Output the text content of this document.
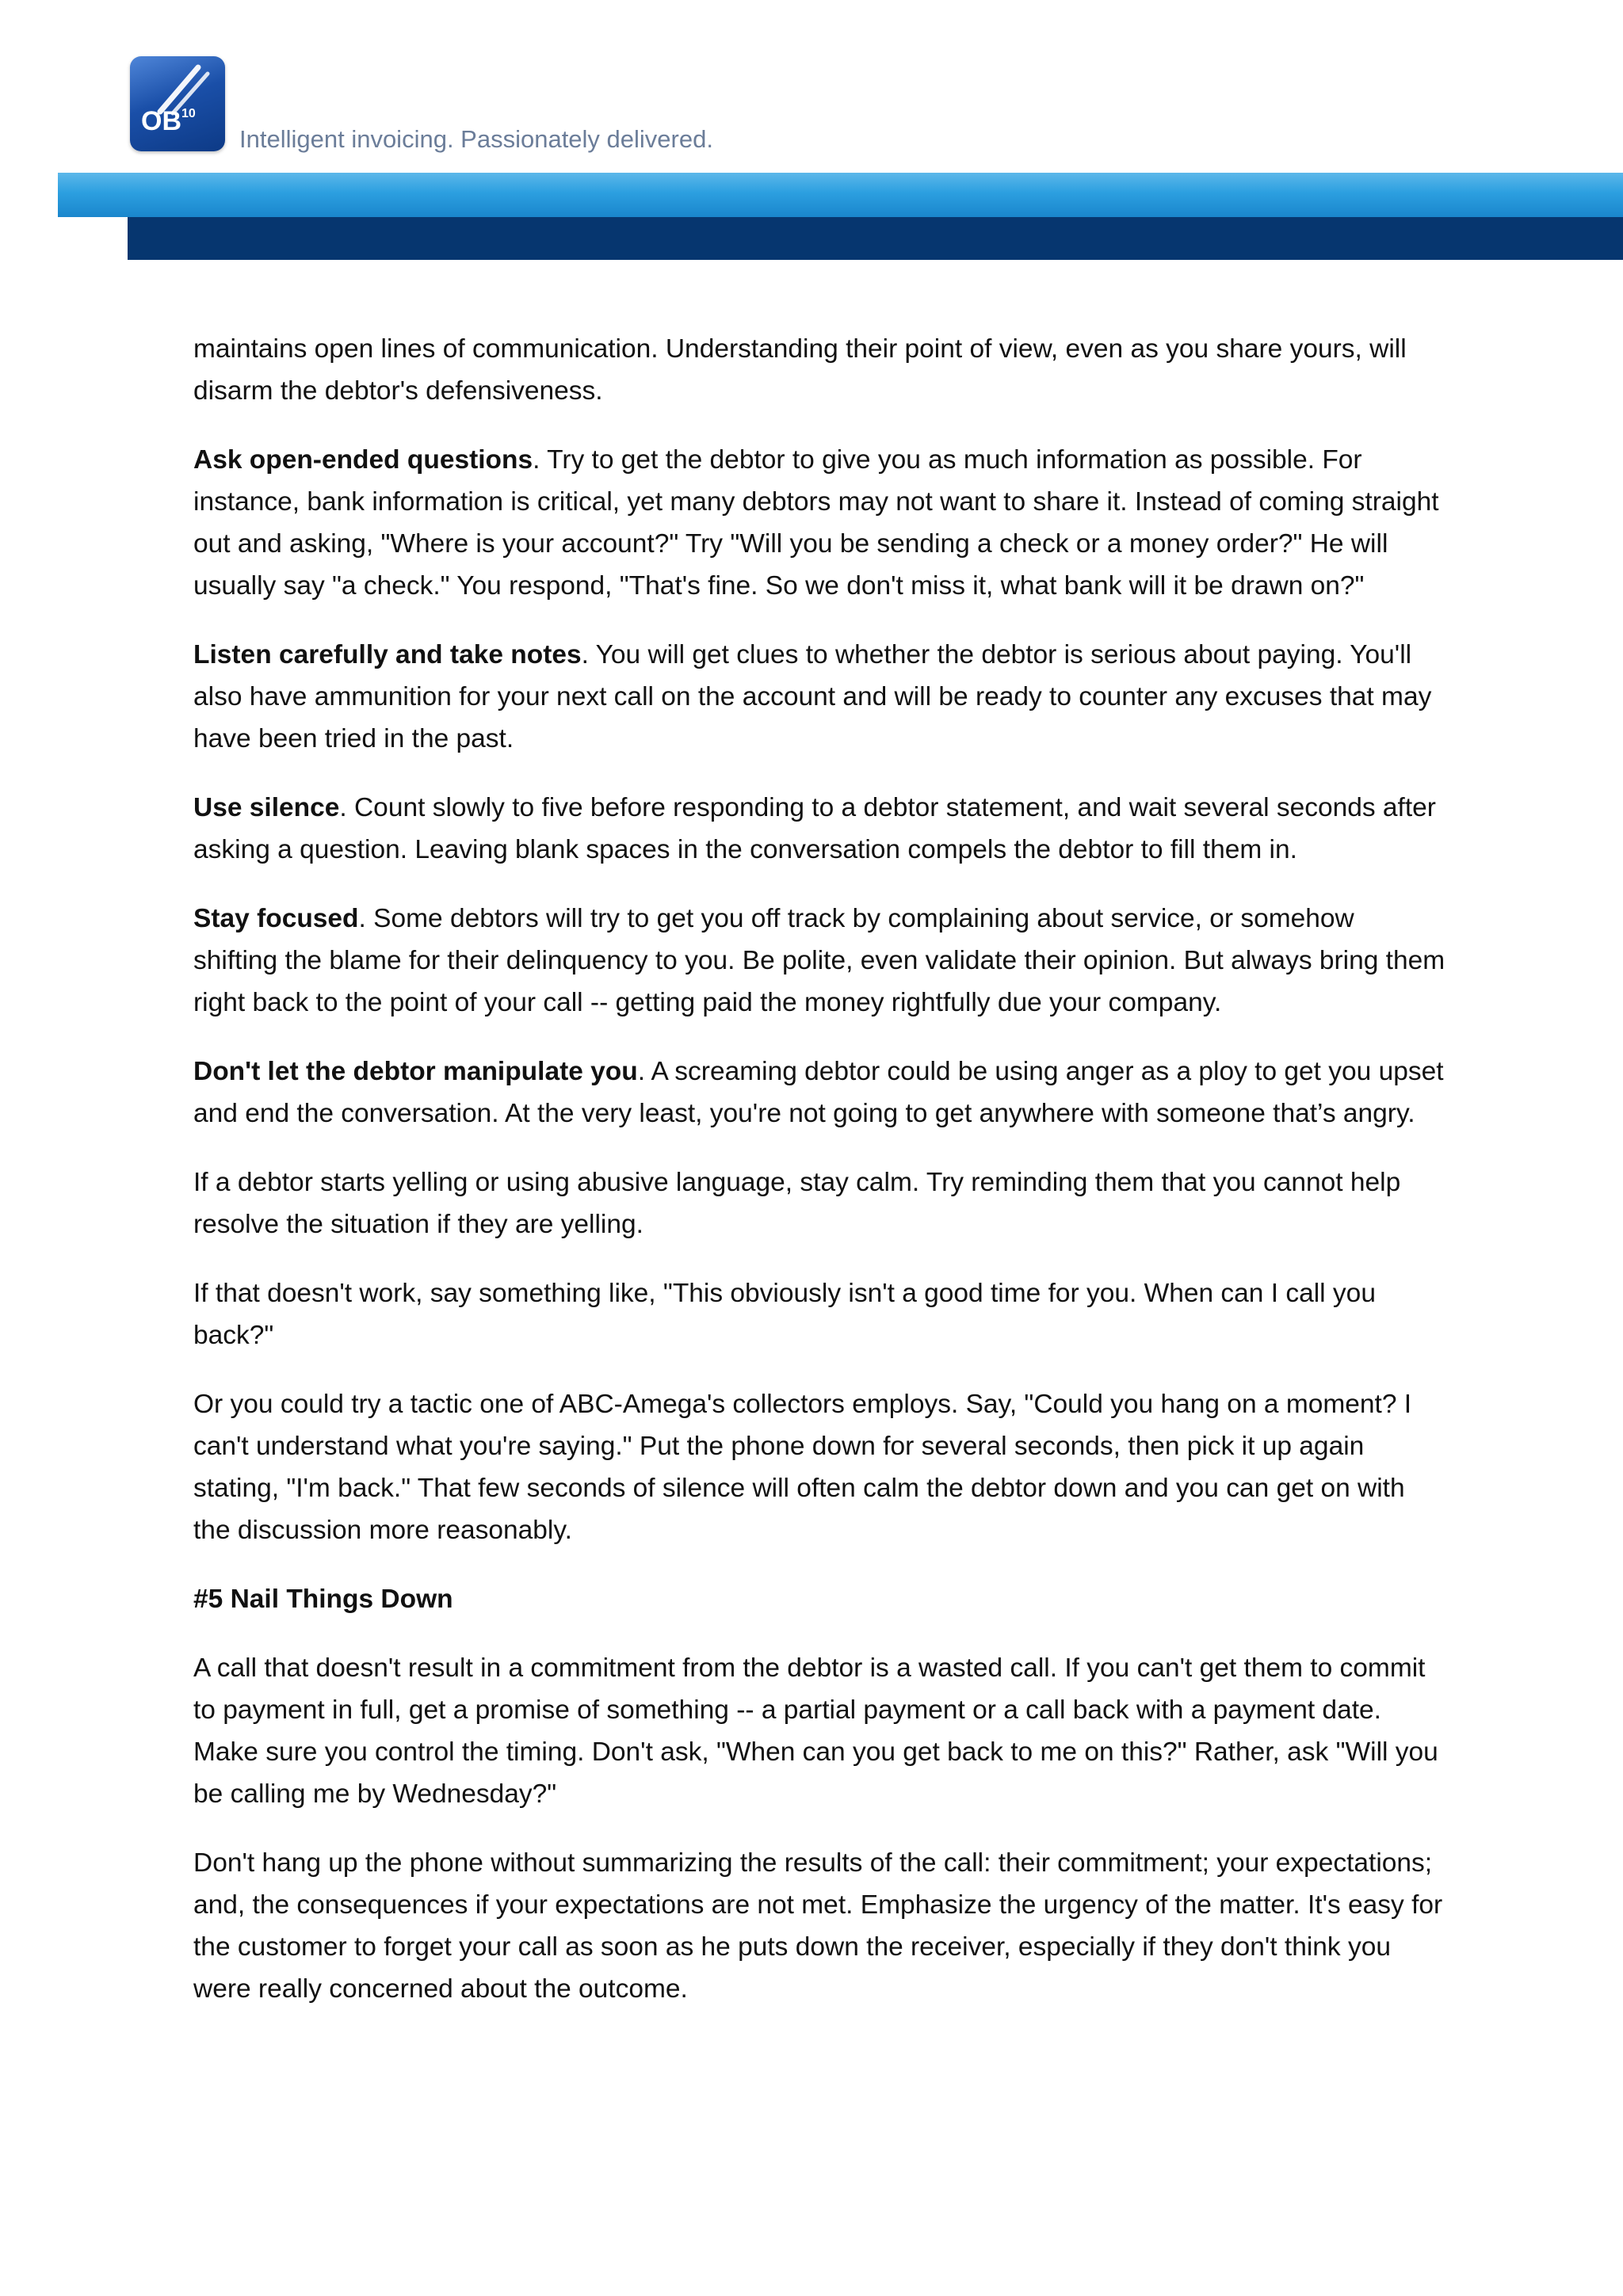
OB$^{10}$
Intelligent invoicing. Passionately delivered.

maintains open lines of communication. Understanding their point of view, even as you share yours, will disarm the debtor's defensiveness.

Ask open-ended questions. Try to get the debtor to give you as much information as possible. For instance, bank information is critical, yet many debtors may not want to share it. Instead of coming straight out and asking, "Where is your account?" Try "Will you be sending a check or a money order?" He will usually say "a check." You respond, "That's fine. So we don't miss it, what bank will it be drawn on?"

Listen carefully and take notes. You will get clues to whether the debtor is serious about paying. You'll also have ammunition for your next call on the account and will be ready to counter any excuses that may have been tried in the past.

Use silence. Count slowly to five before responding to a debtor statement, and wait several seconds after asking a question. Leaving blank spaces in the conversation compels the debtor to fill them in.

Stay focused. Some debtors will try to get you off track by complaining about service, or somehow shifting the blame for their delinquency to you. Be polite, even validate their opinion. But always bring them right back to the point of your call -- getting paid the money rightfully due your company.

Don't let the debtor manipulate you. A screaming debtor could be using anger as a ploy to get you upset and end the conversation. At the very least, you're not going to get anywhere with someone that’s angry.

If a debtor starts yelling or using abusive language, stay calm. Try reminding them that you cannot help resolve the situation if they are yelling.

If that doesn't work, say something like, "This obviously isn't a good time for you. When can I call you back?"

Or you could try a tactic one of ABC-Amega's collectors employs. Say, "Could you hang on a moment? I can't understand what you're saying." Put the phone down for several seconds, then pick it up again stating, "I'm back." That few seconds of silence will often calm the debtor down and you can get on with the discussion more reasonably.

#5 Nail Things Down

A call that doesn't result in a commitment from the debtor is a wasted call. If you can't get them to commit to payment in full, get a promise of something -- a partial payment or a call back with a payment date. Make sure you control the timing. Don't ask, "When can you get back to me on this?" Rather, ask "Will you be calling me by Wednesday?"

Don't hang up the phone without summarizing the results of the call: their commitment; your expectations; and, the consequences if your expectations are not met. Emphasize the urgency of the matter. It's easy for the customer to forget your call as soon as he puts down the receiver, especially if they don't think you were really concerned about the outcome.
